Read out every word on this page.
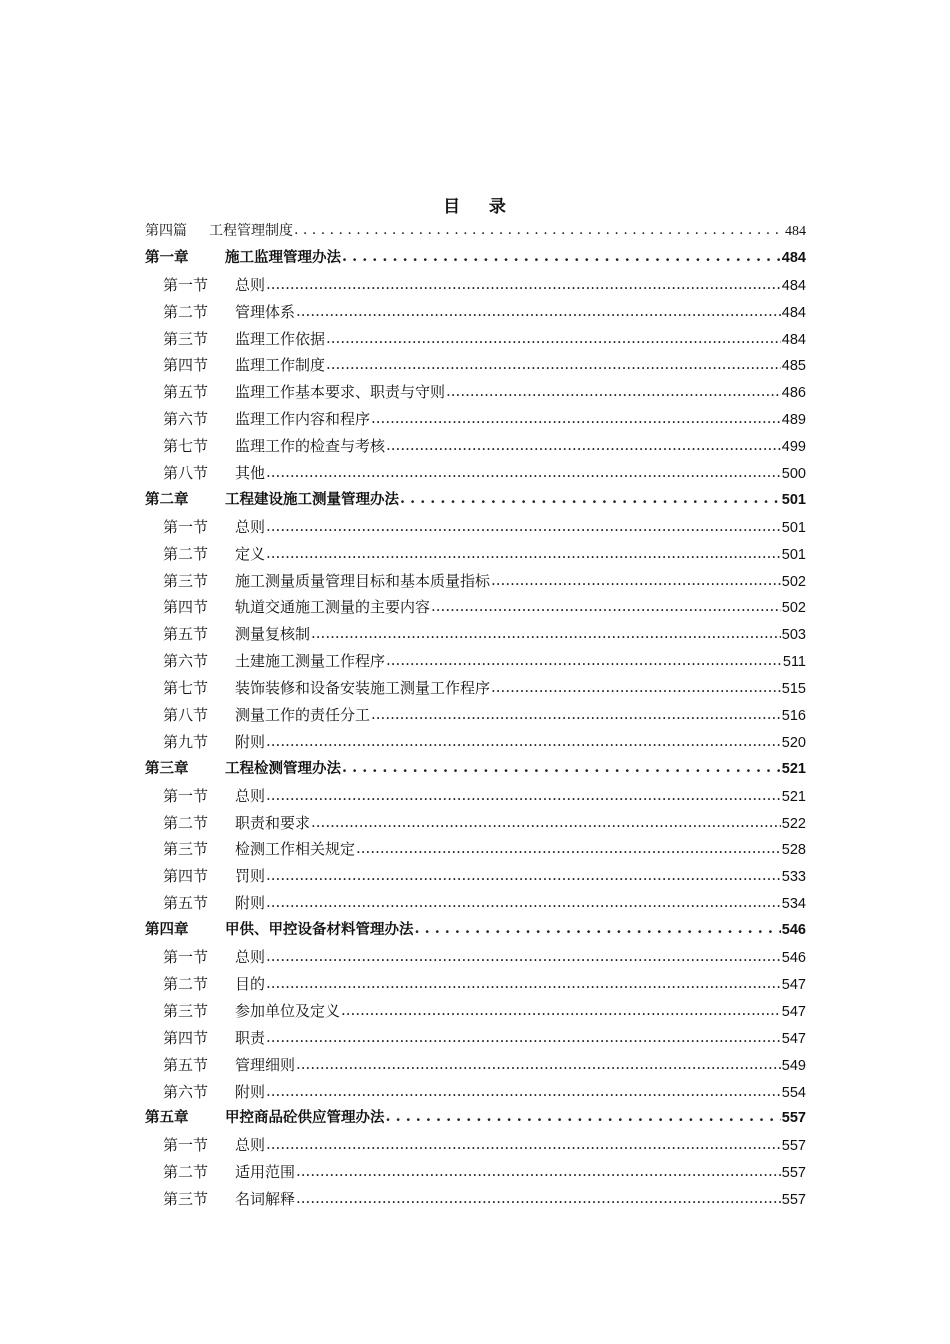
目    录
第四篇	工程管理制度 . . .	484
第一章	施工监理管理办法 . . .	484
第一节	总则 .....	484
第二节	管理体系 .....	484
第三节	监理工作依据 .....	484
第四节	监理工作制度 .....	485
第五节	监理工作基本要求、职责与守则 .....	486
第六节	监理工作内容和程序 .....	489
第七节	监理工作的检查与考核 .....	499
第八节	其他 .....	500
第二章	工程建设施工测量管理办法 . . .	501
第一节	总则 .....	501
第二节	定义 .....	501
第三节	施工测量质量管理目标和基本质量指标 .....	502
第四节	轨道交通施工测量的主要内容 .....	502
第五节	测量复核制 .....	503
第六节	土建施工测量工作程序 .....	511
第七节	装饰装修和设备安装施工测量工作程序 .....	515
第八节	测量工作的责任分工 .....	516
第九节	附则 .....	520
第三章	工程检测管理办法 . . .	521
第一节	总则 .....	521
第二节	职责和要求 .....	522
第三节	检测工作相关规定 .....	528
第四节	罚则 .....	533
第五节	附则 .....	534
第四章	甲供、甲控设备材料管理办法 . . .	546
第一节	总则 .....	546
第二节	目的 .....	547
第三节	参加单位及定义 .....	547
第四节	职责 .....	547
第五节	管理细则 .....	549
第六节	附则 .....	554
第五章	甲控商品砼供应管理办法 . . .	557
第一节	总则 .....	557
第二节	适用范围 .....	557
第三节	名词解释 .....	557
